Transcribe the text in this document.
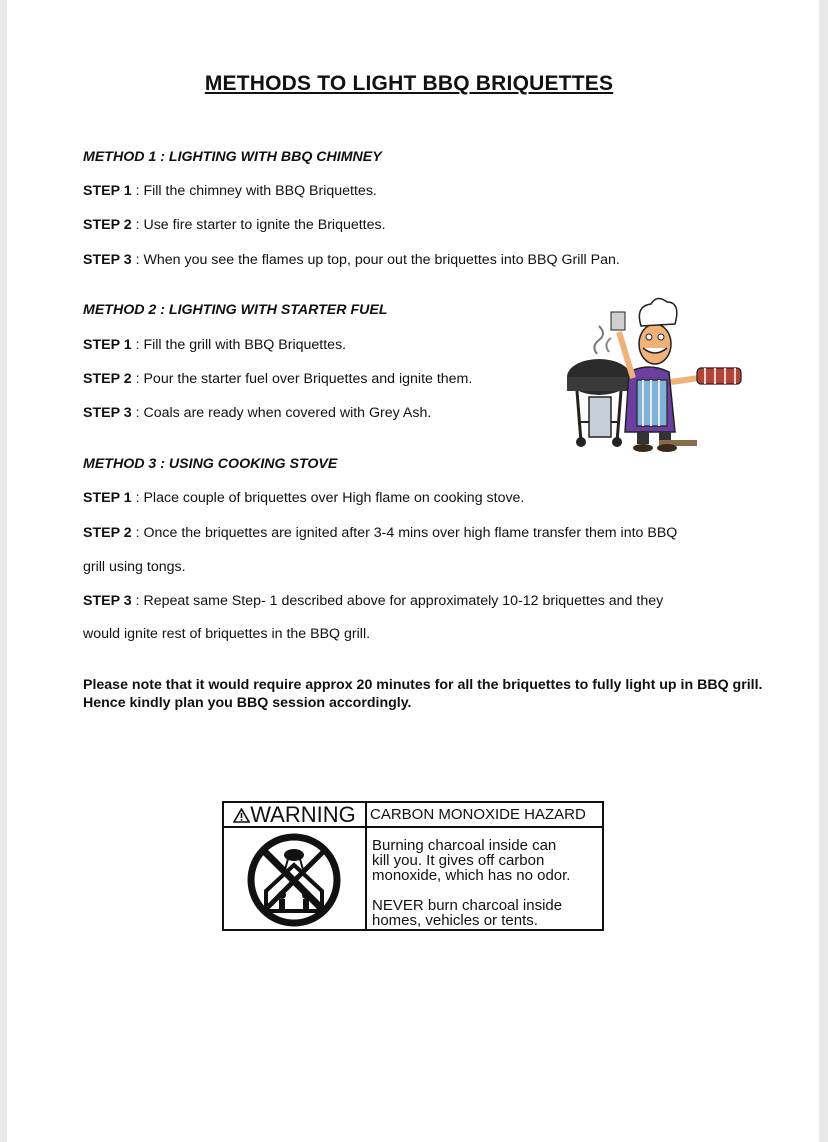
METHODS TO LIGHT BBQ BRIQUETTES
METHOD 1 : LIGHTING WITH BBQ CHIMNEY
STEP 1 : Fill the chimney with BBQ Briquettes.
STEP 2 : Use fire starter to ignite the Briquettes.
STEP 3 : When you see the flames up top, pour out the briquettes into BBQ Grill Pan.
METHOD 2 : LIGHTING WITH STARTER FUEL
STEP 1 : Fill the grill with BBQ Briquettes.
STEP 2 : Pour the starter fuel over Briquettes and ignite them.
STEP 3 : Coals are ready when covered with Grey Ash.
METHOD 3 : USING COOKING STOVE
STEP 1 : Place couple of briquettes over High flame on cooking stove.
STEP 2 : Once the briquettes are ignited after 3-4 mins over high flame transfer them into BBQ
grill using tongs.
STEP 3 : Repeat same Step- 1 described above for approximately 10-12 briquettes and they
would ignite rest of briquettes in the BBQ grill.
Please note that it would require approx 20 minutes for all the briquettes to fully light up in BBQ grill. Hence kindly plan you BBQ session accordingly.
WARNING CARBON MONOXIDE HAZARD
Burning charcoal inside can
kill you. It gives off carbon
monoxide, which has no odor.
NEVER burn charcoal inside
homes, vehicles or tents.
